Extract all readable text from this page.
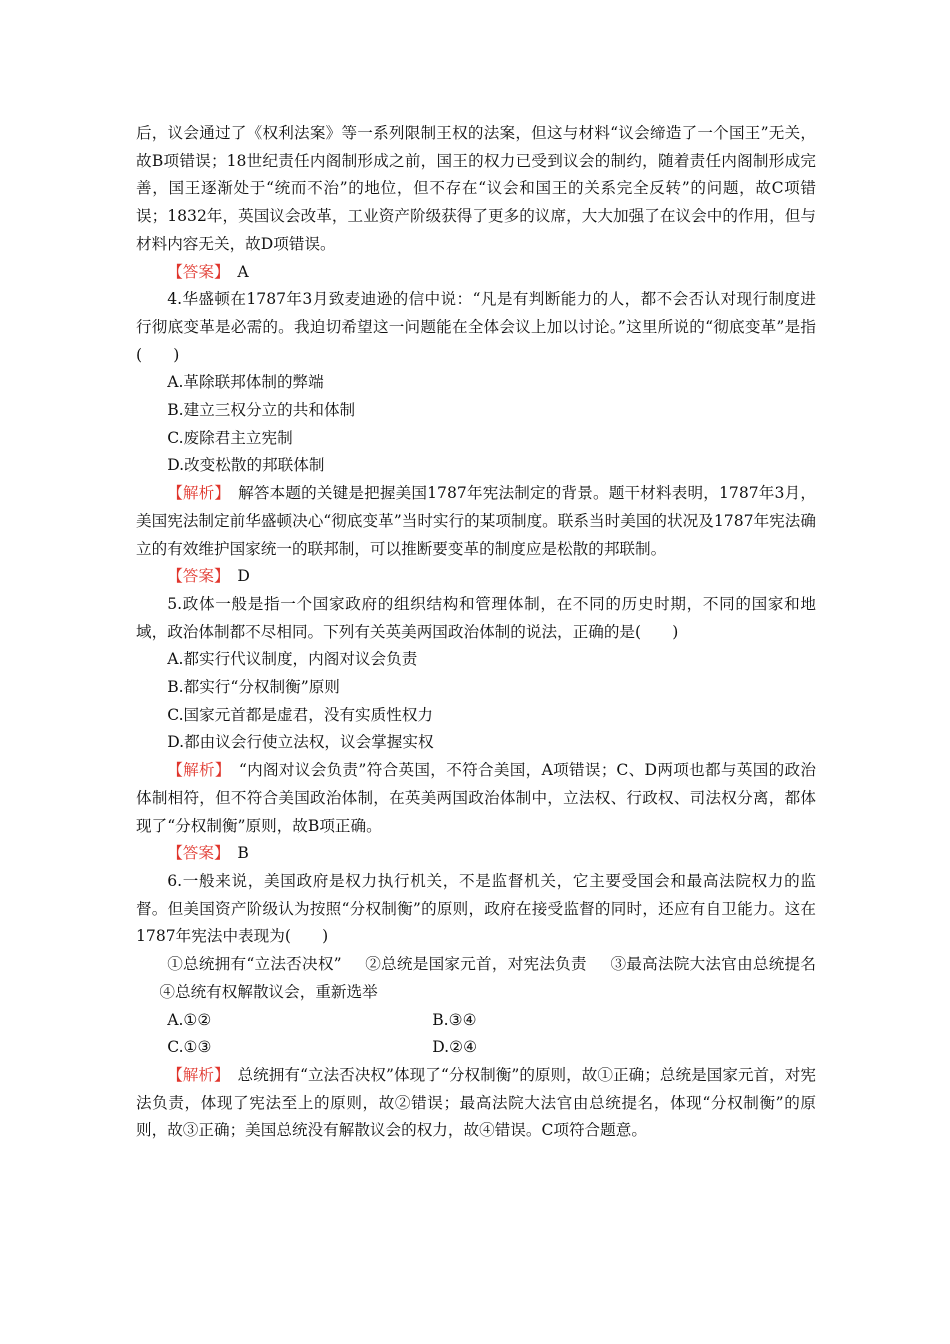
后，议会通过了《权利法案》等一系列限制王权的法案，但这与材料“议会缔造了一个国王”无关，故B项错误；18世纪责任内阁制形成之前，国王的权力已受到议会的制约，随着责任内阁制形成完善，国王逐渐处于“统而不治”的地位，但不存在“议会和国王的关系完全反转”的问题，故C项错误；1832年，英国议会改革，工业资产阶级获得了更多的议席，大大加强了在议会中的作用，但与材料内容无关，故D项错误。

【答案】　 A

4.华盛顿在1787年3月致麦迪逊的信中说：“凡是有判断能力的人，都不会否认对现行制度进行彻底变革是必需的。我迫切希望这一问题能在全体会议上加以讨论。”这里所说的“彻底变革”是指(　　)

A.革除联邦体制的弊端

B.建立三权分立的共和体制

C.废除君主立宪制

D.改变松散的邦联体制

【解析】　 解答本题的关键是把握美国1787年宪法制定的背景。题干材料表明，1787年3月，美国宪法制定前华盛顿决心“彻底变革”当时实行的某项制度。联系当时美国的状况及1787年宪法确立的有效维护国家统一的联邦制，可以推断要变革的制度应是松散的邦联制。

【答案】　 D

5.政体一般是指一个国家政府的组织结构和管理体制，在不同的历史时期，不同的国家和地域，政治体制都不尽相同。下列有关英美两国政治体制的说法，正确的是(　　)

A.都实行代议制度，内阁对议会负责

B.都实行“分权制衡”原则

C.国家元首都是虚君，没有实质性权力

D.都由议会行使立法权，议会掌握实权

【解析】　 “内阁对议会负责”符合英国，不符合美国，A项错误；C、D两项也都与英国的政治体制相符，但不符合美国政治体制，在英美两国政治体制中，立法权、行政权、司法权分离，都体现了“分权制衡”原则，故B项正确。

【答案】　 B

6.一般来说，美国政府是权力执行机关，不是监督机关，它主要受国会和最高法院权力的监督。但美国资产阶级认为按照“分权制衡”的原则，政府在接受监督的同时，还应有自卫能力。这在1787年宪法中表现为(　　)

①总统拥有“立法否决权” ②总统是国家元首，对宪法负责 ③最高法院大法官由总统提名④总统有权解散议会，重新选举

A.①②	B.③④
C.①③	D.②④

【解析】　 总统拥有“立法否决权”体现了“分权制衡”的原则，故①正确；总统是国家元首，对宪法负责，体现了宪法至上的原则，故②错误；最高法院大法官由总统提名，体现“分权制衡”的原则，故③正确；美国总统没有解散议会的权力，故④错误。C项符合题意。
